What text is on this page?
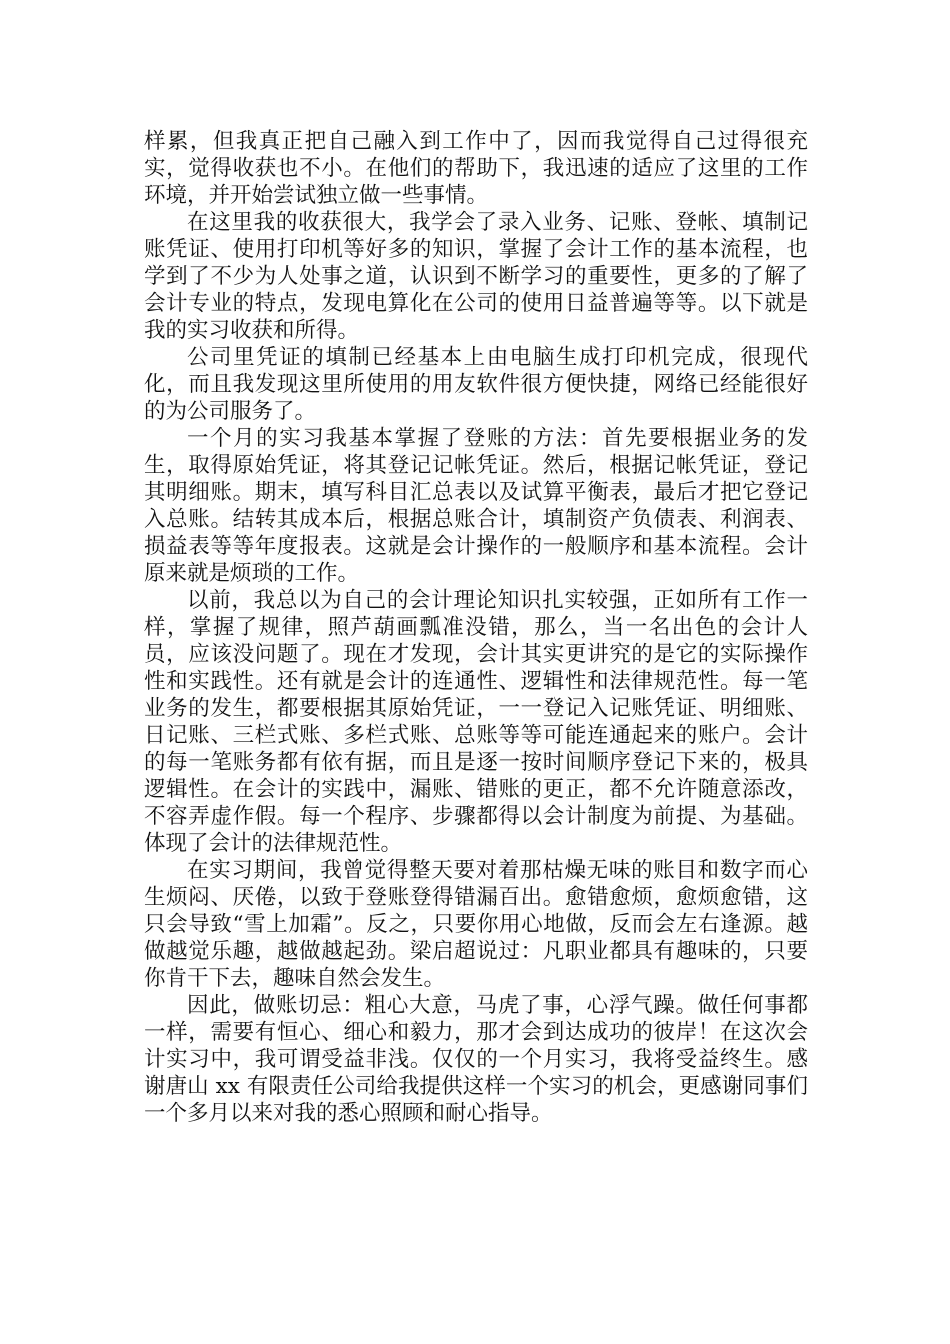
样累，但我真正把自己融入到工作中了，因而我觉得自己过得很充实，觉得收获也不小。在他们的帮助下，我迅速的适应了这里的工作环境，并开始尝试独立做一些事情。

在这里我的收获很大，我学会了录入业务、记账、登帐、填制记账凭证、使用打印机等好多的知识，掌握了会计工作的基本流程，也学到了不少为人处事之道，认识到不断学习的重要性，更多的了解了会计专业的特点，发现电算化在公司的使用日益普遍等等。以下就是我的实习收获和所得。

公司里凭证的填制已经基本上由电脑生成打印机完成，很现代化，而且我发现这里所使用的用友软件很方便快捷，网络已经能很好的为公司服务了。

一个月的实习我基本掌握了登账的方法：首先要根据业务的发生，取得原始凭证，将其登记记帐凭证。然后，根据记帐凭证，登记其明细账。期末，填写科目汇总表以及试算平衡表，最后才把它登记入总账。结转其成本后，根据总账合计，填制资产负债表、利润表、损益表等等年度报表。这就是会计操作的一般顺序和基本流程。会计原来就是烦琐的工作。

以前，我总以为自己的会计理论知识扎实较强，正如所有工作一样，掌握了规律，照芦葫画瓢准没错，那么，当一名出色的会计人员，应该没问题了。现在才发现，会计其实更讲究的是它的实际操作性和实践性。还有就是会计的连通性、逻辑性和法律规范性。每一笔业务的发生，都要根据其原始凭证，一一登记入记账凭证、明细账、日记账、三栏式账、多栏式账、总账等等可能连通起来的账户。会计的每一笔账务都有依有据，而且是逐一按时间顺序登记下来的，极具逻辑性。在会计的实践中，漏账、错账的更正，都不允许随意添改，不容弄虚作假。每一个程序、步骤都得以会计制度为前提、为基础。体现了会计的法律规范性。

在实习期间，我曾觉得整天要对着那枯燥无味的账目和数字而心生烦闷、厌倦，以致于登账登得错漏百出。愈错愈烦，愈烦愈错，这只会导致“雪上加霜”。反之，只要你用心地做，反而会左右逢源。越做越觉乐趣，越做越起劲。梁启超说过：凡职业都具有趣味的，只要你肯干下去，趣味自然会发生。

因此，做账切忌：粗心大意，马虎了事，心浮气躁。做任何事都一样，需要有恒心、细心和毅力，那才会到达成功的彼岸！在这次会计实习中，我可谓受益非浅。仅仅的一个月实习，我将受益终生。感谢唐山 xx 有限责任公司给我提供这样一个实习的机会，更感谢同事们一个多月以来对我的悉心照顾和耐心指导。
